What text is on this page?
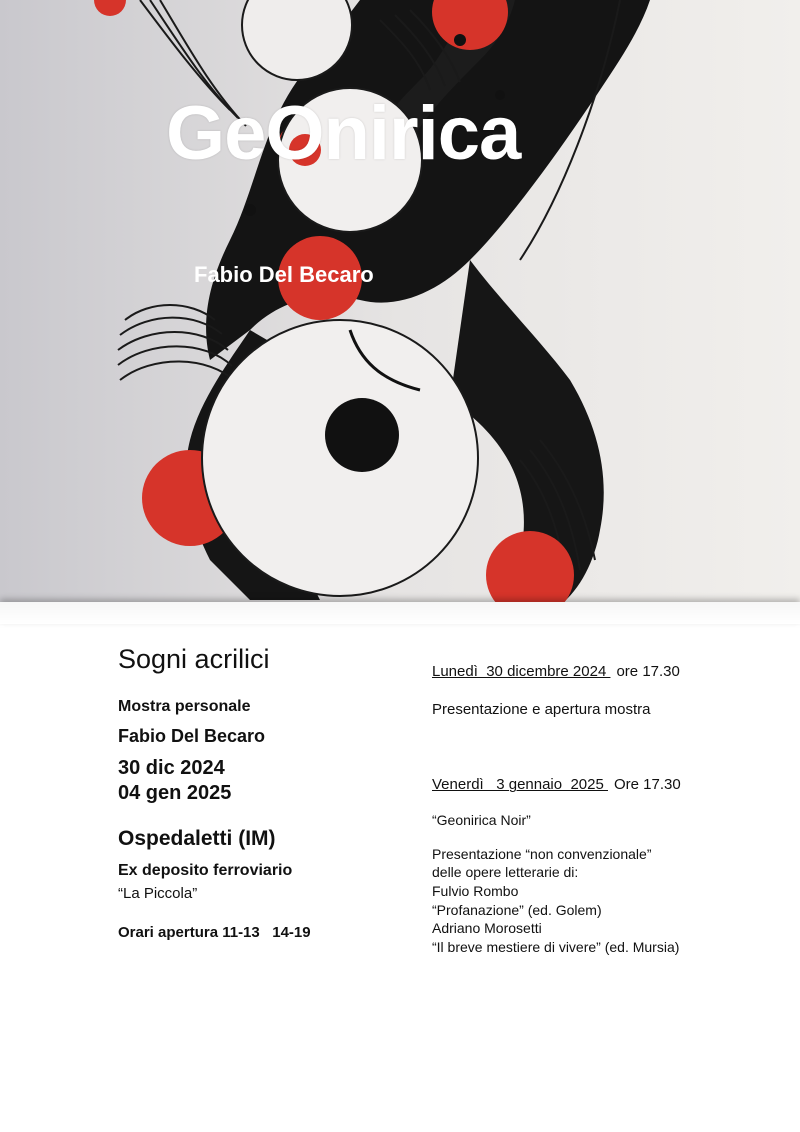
GeOnirica
Fabio Del Becaro
Sogni acrilici
Mostra personale
Fabio Del Becaro
30 dic 2024
04 gen 2025
Ospedaletti (IM)
Ex deposito ferroviario
“La Piccola”
Orari apertura 11-13   14-19
Lunedì  30 dicembre 2024 ore 17.30
Presentazione e apertura mostra
Venerdì   3 gennaio  2025 Ore 17.30
“Geonirica Noir”
Presentazione “non convenzionale”
delle opere letterarie di:
Fulvio Rombo
“Profanazione” (ed. Golem)
Adriano Morosetti
“Il breve mestiere di vivere” (ed. Mursia)
